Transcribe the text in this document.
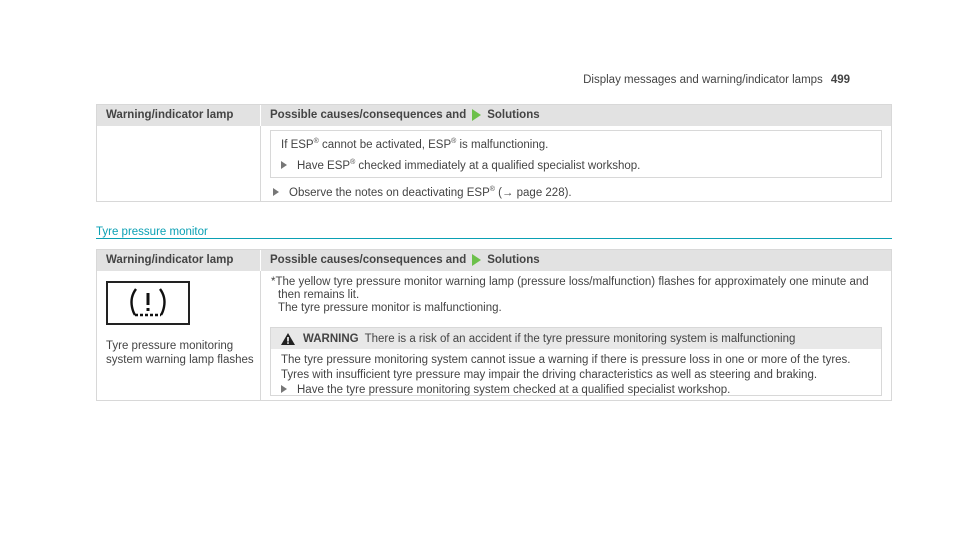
Display messages and warning/indicator lamps 499
Warning/indicator lamp	Possible causes/consequences and Solutions
If ESP® cannot be activated, ESP® is malfunctioning.
Have ESP® checked immediately at a qualified specialist workshop.
Observe the notes on deactivating ESP® (→ page 228).
Tyre pressure monitor
Warning/indicator lamp	Possible causes/consequences and Solutions
Tyre pressure monitoring
system warning lamp flashes
*The yellow tyre pressure monitor warning lamp (pressure loss/malfunction) flashes for approximately one minute and
then remains lit.
The tyre pressure monitor is malfunctioning.
WARNING There is a risk of an accident if the tyre pressure monitoring system is malfunctioning
The tyre pressure monitoring system cannot issue a warning if there is pressure loss in one or more of the tyres.
Tyres with insufficient tyre pressure may impair the driving characteristics as well as steering and braking.
Have the tyre pressure monitoring system checked at a qualified specialist workshop.
